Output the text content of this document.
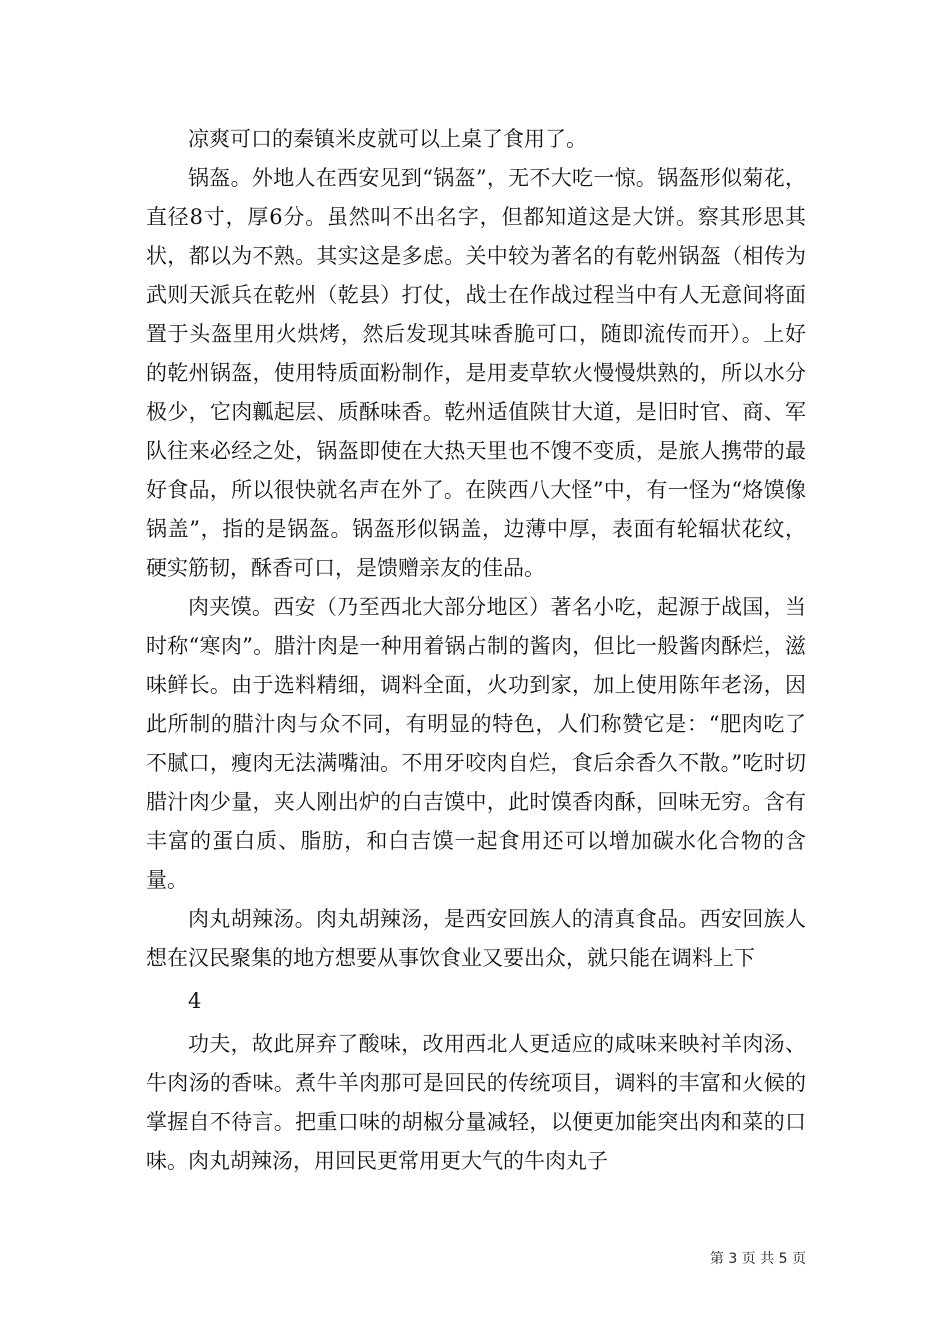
凉爽可口的秦镇米皮就可以上桌了食用了。

锅盔。外地人在西安见到“锅盔”，无不大吃一惊。锅盔形似菊花，直径8寸，厚6分。虽然叫不出名字，但都知道这是大饼。察其形思其状，都以为不熟。其实这是多虑。关中较为著名的有乾州锅盔（相传为武则天派兵在乾州（乾县）打仗，战士在作战过程当中有人无意间将面置于头盔里用火烘烤，然后发现其味香脆可口，随即流传而开）。上好的乾州锅盔，使用特质面粉制作，是用麦草软火慢慢烘熟的，所以水分极少，它肉瓤起层、质酥味香。乾州适值陕甘大道，是旧时官、商、军队往来必经之处，锅盔即使在大热天里也不馊不变质，是旅人携带的最好食品，所以很快就名声在外了。在陕西八大怪”中，有一怪为“烙馍像锅盖”，指的是锅盔。锅盔形似锅盖，边薄中厚，表面有轮辐状花纹，硬实筋韧，酥香可口，是馈赠亲友的佳品。

肉夹馍。西安（乃至西北大部分地区）著名小吃，起源于战国，当时称“寒肉”。腊汁肉是一种用着锅占制的酱肉，但比一般酱肉酥烂，滋味鲜长。由于选料精细，调料全面，火功到家，加上使用陈年老汤，因此所制的腊汁肉与众不同，有明显的特色，人们称赞它是：“肥肉吃了不腻口，瘦肉无法满嘴油。不用牙咬肉自烂，食后余香久不散。”吃时切腊汁肉少量，夹人刚出炉的白吉馍中，此时馍香肉酥，回味无穷。含有丰富的蛋白质、脂肪，和白吉馍一起食用还可以增加碳水化合物的含量。

肉丸胡辣汤。肉丸胡辣汤，是西安回族人的清真食品。西安回族人想在汉民聚集的地方想要从事饮食业又要出众，就只能在调料上下

4

功夫，故此屏弃了酸味，改用西北人更适应的咸味来映衬羊肉汤、牛肉汤的香味。煮牛羊肉那可是回民的传统项目，调料的丰富和火候的掌握自不待言。把重口味的胡椒分量减轻，以便更加能突出肉和菜的口味。肉丸胡辣汤，用回民更常用更大气的牛肉丸子

第 3 页 共 5 页
